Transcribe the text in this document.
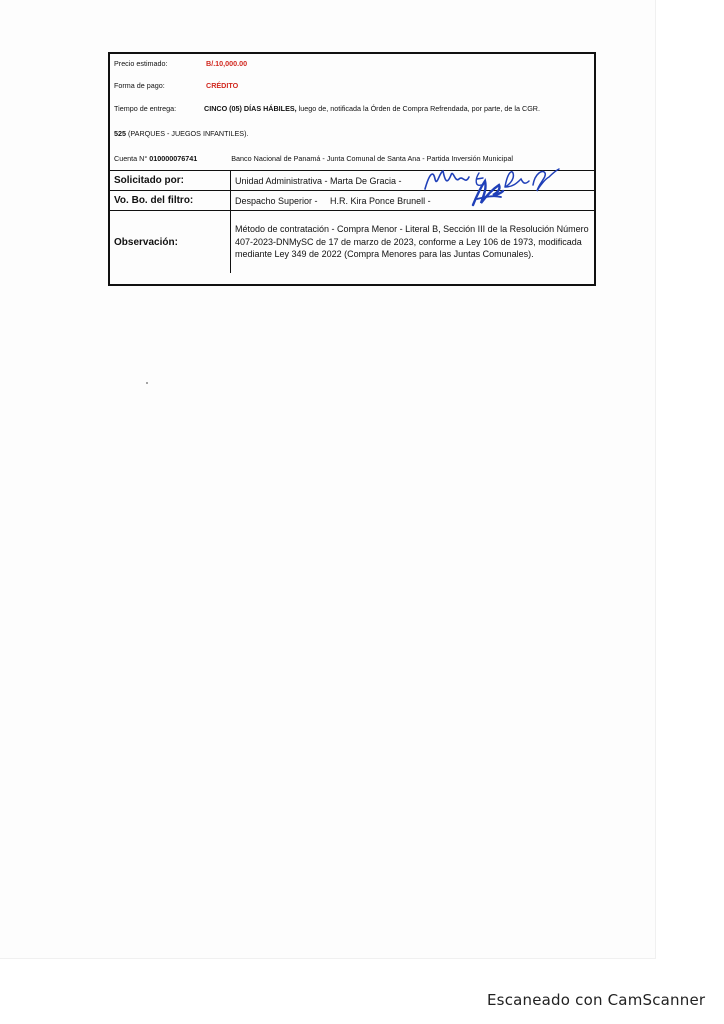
Precio estimado:	B/.10,000.00
Forma de pago:	CRÉDITO
Tiempo de entrega:	CINCO (05) DÍAS HÁBILES, luego de, notificada la Órden de Compra Refrendada, por parte, de la CGR.
525 (PARQUES - JUEGOS INFANTILES).
Cuenta N° 010000076741	Banco Nacional de Panamá - Junta Comunal de Santa Ana - Partida Inversión Municipal
Solicitado por:	Unidad Administrativa - Marta De Gracia -

Vo. Bo. del filtro:	Despacho Superior -     H.R. Kira Ponce Brunell -

Observación:	Método de contratación - Compra Menor - Literal B, Sección III de la Resolución Número 407-2023-DNMySC de 17 de marzo de 2023, conforme a Ley 106 de 1973, modificada mediante Ley 349 de 2022 (Compra Menores para las Juntas Comunales).
Escaneado con CamScanner
